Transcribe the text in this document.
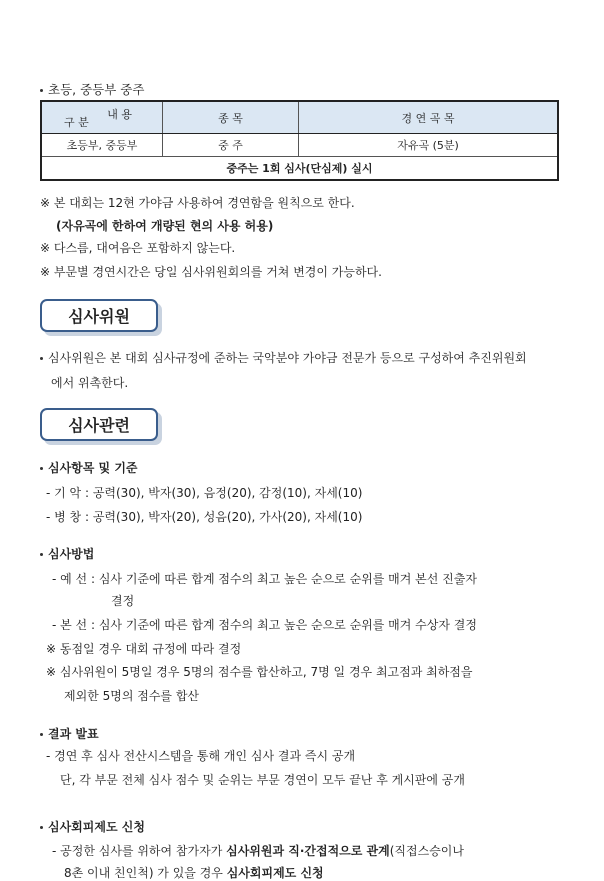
초등, 중등부 중주
내 용
구 분	종 목	경 연 곡 목
초등부, 중등부	중 주	자유곡 (5분)
중주는 1회 심사(단심제) 실시		
※ 본 대회는 12현 가야금 사용하여 경연함을 원칙으로 한다.
(자유곡에 한하여 개량된 현의 사용 허용)
※ 다스름, 대여음은 포함하지 않는다.
※ 부문별 경연시간은 당일 심사위원회의를 거쳐 변경이 가능하다.
심사위원
심사위원은 본 대회 심사규정에 준하는 국악분야 가야금 전문가 등으로 구성하여 추진위원회
에서 위촉한다.
심사관련
심사항목 및 기준
- 기 악 : 공력(30), 박자(30), 음정(20), 감정(10), 자세(10)
- 병 창 : 공력(30), 박자(20), 성음(20), 가사(20), 자세(10)
심사방법
- 예 선 : 심사 기준에 따른 합계 점수의 최고 높은 순으로 순위를 매겨 본선 진출자
결정
- 본 선 : 심사 기준에 따른 합계 점수의 최고 높은 순으로 순위를 매겨 수상자 결정
※ 동점일 경우 대회 규정에 따라 결정
※ 심사위원이 5명일 경우 5명의 점수를 합산하고, 7명 일 경우 최고점과 최하점을
제외한 5명의 점수를 합산
결과 발표
- 경연 후 심사 전산시스템을 통해 개인 심사 결과 즉시 공개
단, 각 부문 전체 심사 점수 및 순위는 부문 경연이 모두 끝난 후 게시판에 공개
심사회피제도 신청
- 공정한 심사를 위하여 참가자가 심사위원과 직·간접적으로 관계(직접스승이나
8촌 이내 친인척) 가 있을 경우 심사회피제도 신청
